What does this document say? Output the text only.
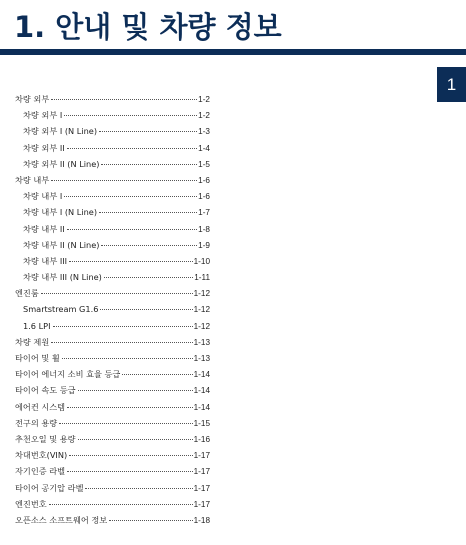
1. 안내 및 차량 정보
1
차량 외부	1-2
차량 외부 I	1-2
차량 외부 I (N Line)	1-3
차량 외부 II	1-4
차량 외부 II (N Line)	1-5
차량 내부	1-6
차량 내부 I	1-6
차량 내부 I (N Line)	1-7
차량 내부 II	1-8
차량 내부 II (N Line)	1-9
차량 내부 III	1-10
차량 내부 III (N Line)	1-11
엔진룸	1-12
Smartstream G1.6	1-12
1.6 LPI	1-12
차량 제원	1-13
타이어 및 휠	1-13
타이어 에너지 소비 효율 등급	1-14
타이어 속도 등급	1-14
에어컨 시스템	1-14
전구의 용량	1-15
추천오일 및 용량	1-16
차대번호(VIN)	1-17
자기인증 라벨	1-17
타이어 공기압 라벨	1-17
엔진번호	1-17
오픈소스 소프트웨어 정보	1-18
